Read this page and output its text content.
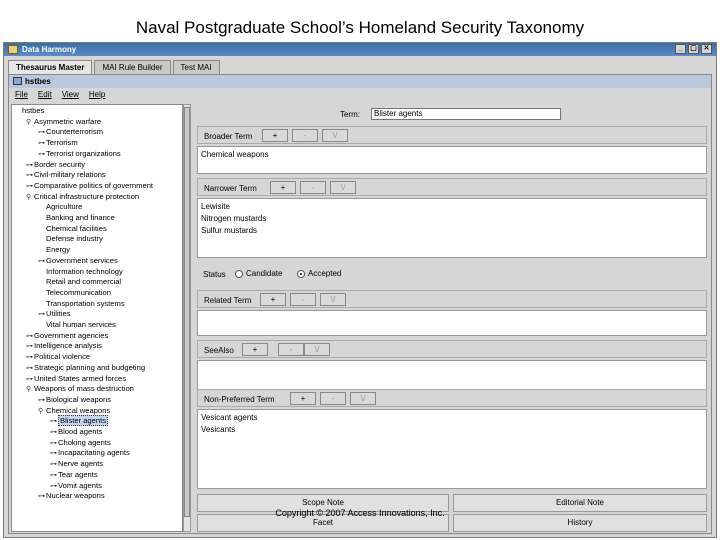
Naval Postgraduate School’s Homeland Security Taxonomy
Data Harmony	_	▢ ✕
Thesaurus Master	MAI Rule Builder	Test MAI
hstbes
File Edit View Help
hstbes
⚲ Asymmetric warfare
⊶Counterterrorism
⊶Terrorism
⊶Terrorist organizations
⊶Border security
⊶Civil-military relations
⊶Comparative politics of government
⚲ Critical infrastructure protection
Agriculture
Banking and finance
Chemical facilities
Defense industry
Energy
⊶Government services
Information technology
Retail and commercial
Telecommunication
Transportation systems
⊶Utilities
Vital human services
⊶Government agencies
⊶Intelligence analysis
⊶Political violence
⊶Strategic planning and budgeting
⊶United States armed forces
⚲ Weapons of mass destruction
⊶Biological weapons
⚲ Chemical weapons
⊶ Blister agents
⊶Blood agents
⊶Choking agents
⊶Incapacitating agents
⊶Nerve agents
⊶Tear agents
⊶Vomit agents
⊶Nuclear weapons
Term:	Blister agents
Broader Term	+	-	V
Chemical weapons
Narrower Term	+	-	V
Lewisite
Nitrogen mustards
Sulfur mustards
Status	Candidate	Accepted
Related Term	+	-	V
SeeAlso	+	-	V
Non-Preferred Term	+	-	V
Vesicant agents
Vesicants
Scope Note	Editorial Note
Facet	History
Copyright © 2007 Access Innovations, Inc.
